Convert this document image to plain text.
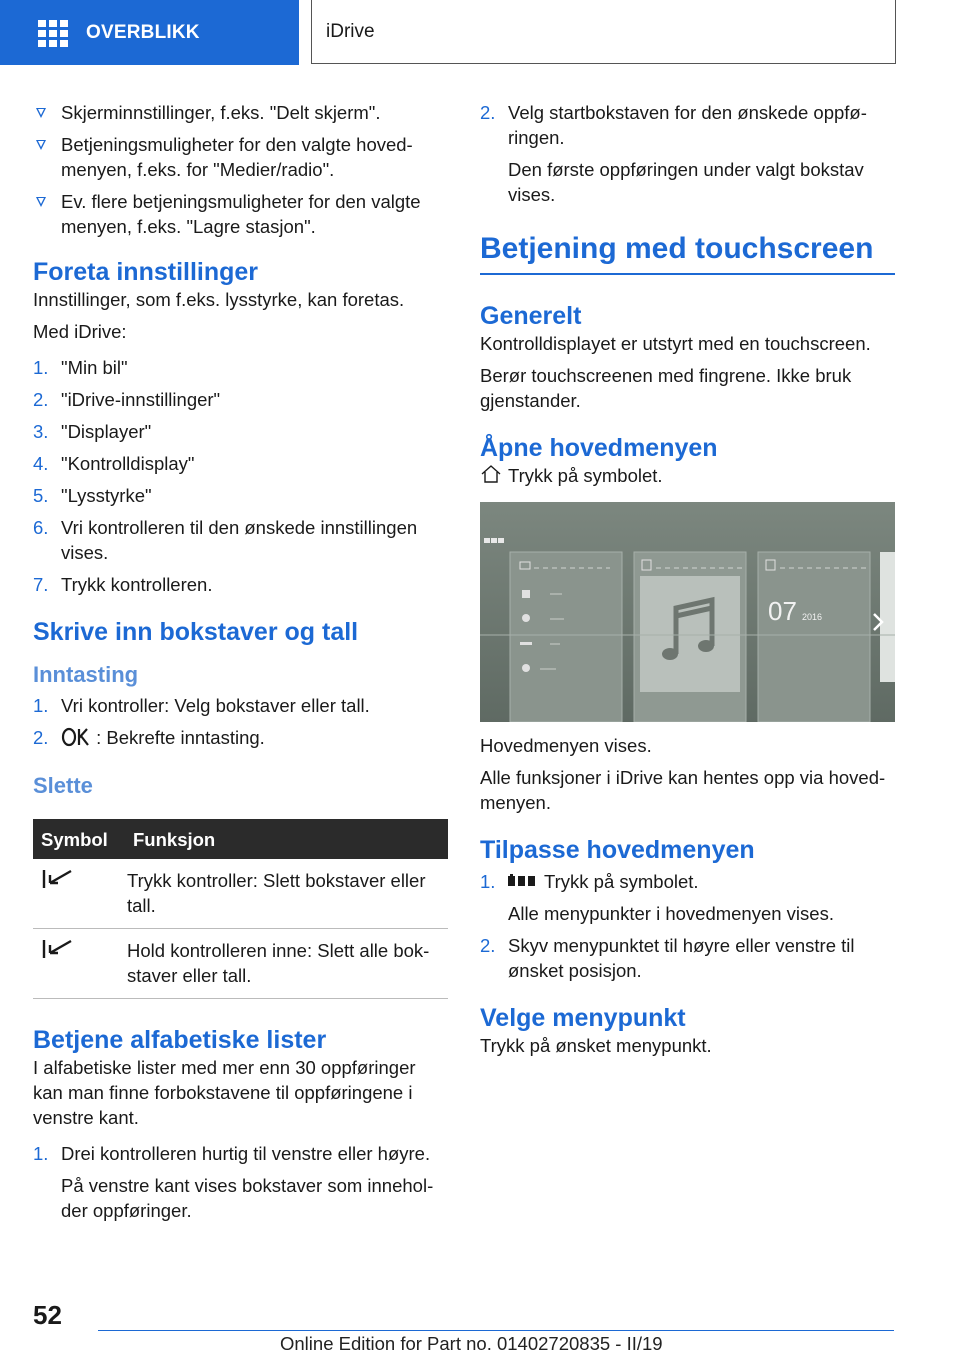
OVERBLIKK	iDrive
Skjerminnstillinger, f.eks. "Delt skjerm".
Betjeningsmuligheter for den valgte hoved-menyen, f.eks. for "Medier/radio".
Ev. flere betjeningsmuligheter for den valgte menyen, f.eks. "Lagre stasjon".
Foreta innstillinger

Innstillinger, som f.eks. lysstyrke, kan foretas.

Med iDrive:

1. "Min bil"
2. "iDrive-innstillinger"
3. "Displayer"
4. "Kontrolldisplay"
5. "Lysstyrke"
6. Vri kontrolleren til den ønskede innstillingen vises.
7. Trykk kontrolleren.
Skrive inn bokstaver og tall
Inntasting
1. Vri kontroller: Velg bokstaver eller tall.
2.	: Bekrefte inntasting.
Slette
Symbol	Funksjon
	Trykk kontroller: Slett bokstaver eller tall.
	Hold kontrolleren inne: Slett alle bok-staver eller tall.
Betjene alfabetiske lister

I alfabetiske lister med mer enn 30 oppføringer kan man finne forbokstavene til oppføringene i venstre kant.

1. Drei kontrolleren hurtig til venstre eller høyre.
På venstre kant vises bokstaver som innehol-der oppføringer.
2. Velg startbokstaven for den ønskede oppfø-ringen.
Den første oppføringen under valgt bokstav vises.
Betjening med touchscreen
Generelt

Kontrolldisplayet er utstyrt med en touchscreen.

Berør touchscreenen med fingrene. Ikke bruk gjenstander.

Åpne hovedmenyen

Trykk på symbolet.

07 2016

Hovedmenyen vises.

Alle funksjoner i iDrive kan hentes opp via hoved-menyen.

Tilpasse hovedmenyen
1.	Trykk på symbolet.
Alle menypunkter i hovedmenyen vises.
2. Skyv menypunktet til høyre eller venstre til ønsket posisjon.
Velge menypunkt

Trykk på ønsket menypunkt.

52
Online Edition for Part no. 01402720835 - II/19
